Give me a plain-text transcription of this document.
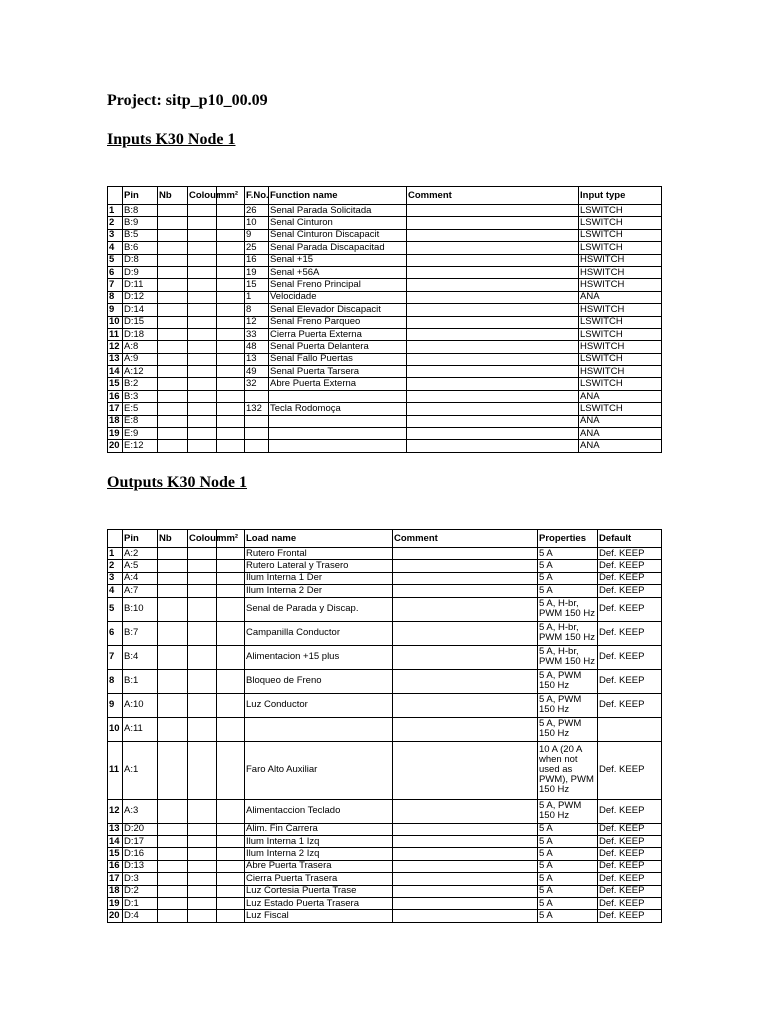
Project: sitp_p10_00.09
Inputs K30 Node 1
	Pin	Nb	Colour	mm²	F.No.	Function name	Comment	Input type
1	B:8				26	Senal Parada Solicitada		LSWITCH
2	B:9				10	Senal Cinturon		LSWITCH
3	B:5				9	Senal Cinturon Discapacit		LSWITCH
4	B:6				25	Senal Parada Discapacitad		LSWITCH
5	D:8				16	Senal +15		HSWITCH
6	D:9				19	Senal +56A		HSWITCH
7	D:11				15	Senal Freno Principal		HSWITCH
8	D:12				1	Velocidade		ANA
9	D:14				8	Senal Elevador Discapacit		HSWITCH
10	D:15				12	Senal Freno Parqueo		LSWITCH
11	D:18				33	Cierra Puerta Externa		LSWITCH
12	A:8				48	Senal Puerta Delantera		HSWITCH
13	A:9				13	Senal Fallo Puertas		LSWITCH
14	A:12				49	Senal Puerta Tarsera		HSWITCH
15	B:2				32	Abre Puerta Externa		LSWITCH
16	B:3							ANA
17	E:5				132	Tecla Rodomoça		LSWITCH
18	E:8							ANA
19	E:9							ANA
20	E:12							ANA
Outputs K30 Node 1
	Pin	Nb	Colour	mm²	Load name	Comment	Properties	Default
1	A:2				Rutero Frontal		5 A	Def. KEEP
2	A:5				Rutero Lateral y Trasero		5 A	Def. KEEP
3	A:4				Ilum Interna 1 Der		5 A	Def. KEEP
4	A:7				Ilum Interna 2 Der		5 A	Def. KEEP
5	B:10				Senal de Parada y Discap.		5 A, H-br, PWM 150 Hz	Def. KEEP
6	B:7				Campanilla Conductor		5 A, H-br, PWM 150 Hz	Def. KEEP
7	B:4				Alimentacion +15 plus		5 A, H-br, PWM 150 Hz	Def. KEEP
8	B:1				Bloqueo de Freno		5 A, PWM 150 Hz	Def. KEEP
9	A:10				Luz Conductor		5 A, PWM 150 Hz	Def. KEEP
10	A:11						5 A, PWM 150 Hz	
11	A:1				Faro Alto Auxiliar		10 A (20 A when not used as PWM), PWM 150 Hz	Def. KEEP
12	A:3				Alimentaccion Teclado		5 A, PWM 150 Hz	Def. KEEP
13	D:20				Alim. Fin Carrera		5 A	Def. KEEP
14	D:17				Ilum Interna 1 Izq		5 A	Def. KEEP
15	D:16				Ilum Interna 2 Izq		5 A	Def. KEEP
16	D:13				Abre Puerta Trasera		5 A	Def. KEEP
17	D:3				Cierra Puerta Trasera		5 A	Def. KEEP
18	D:2				Luz Cortesia Puerta Trase		5 A	Def. KEEP
19	D:1				Luz Estado Puerta Trasera		5 A	Def. KEEP
20	D:4				Luz Fiscal		5 A	Def. KEEP
